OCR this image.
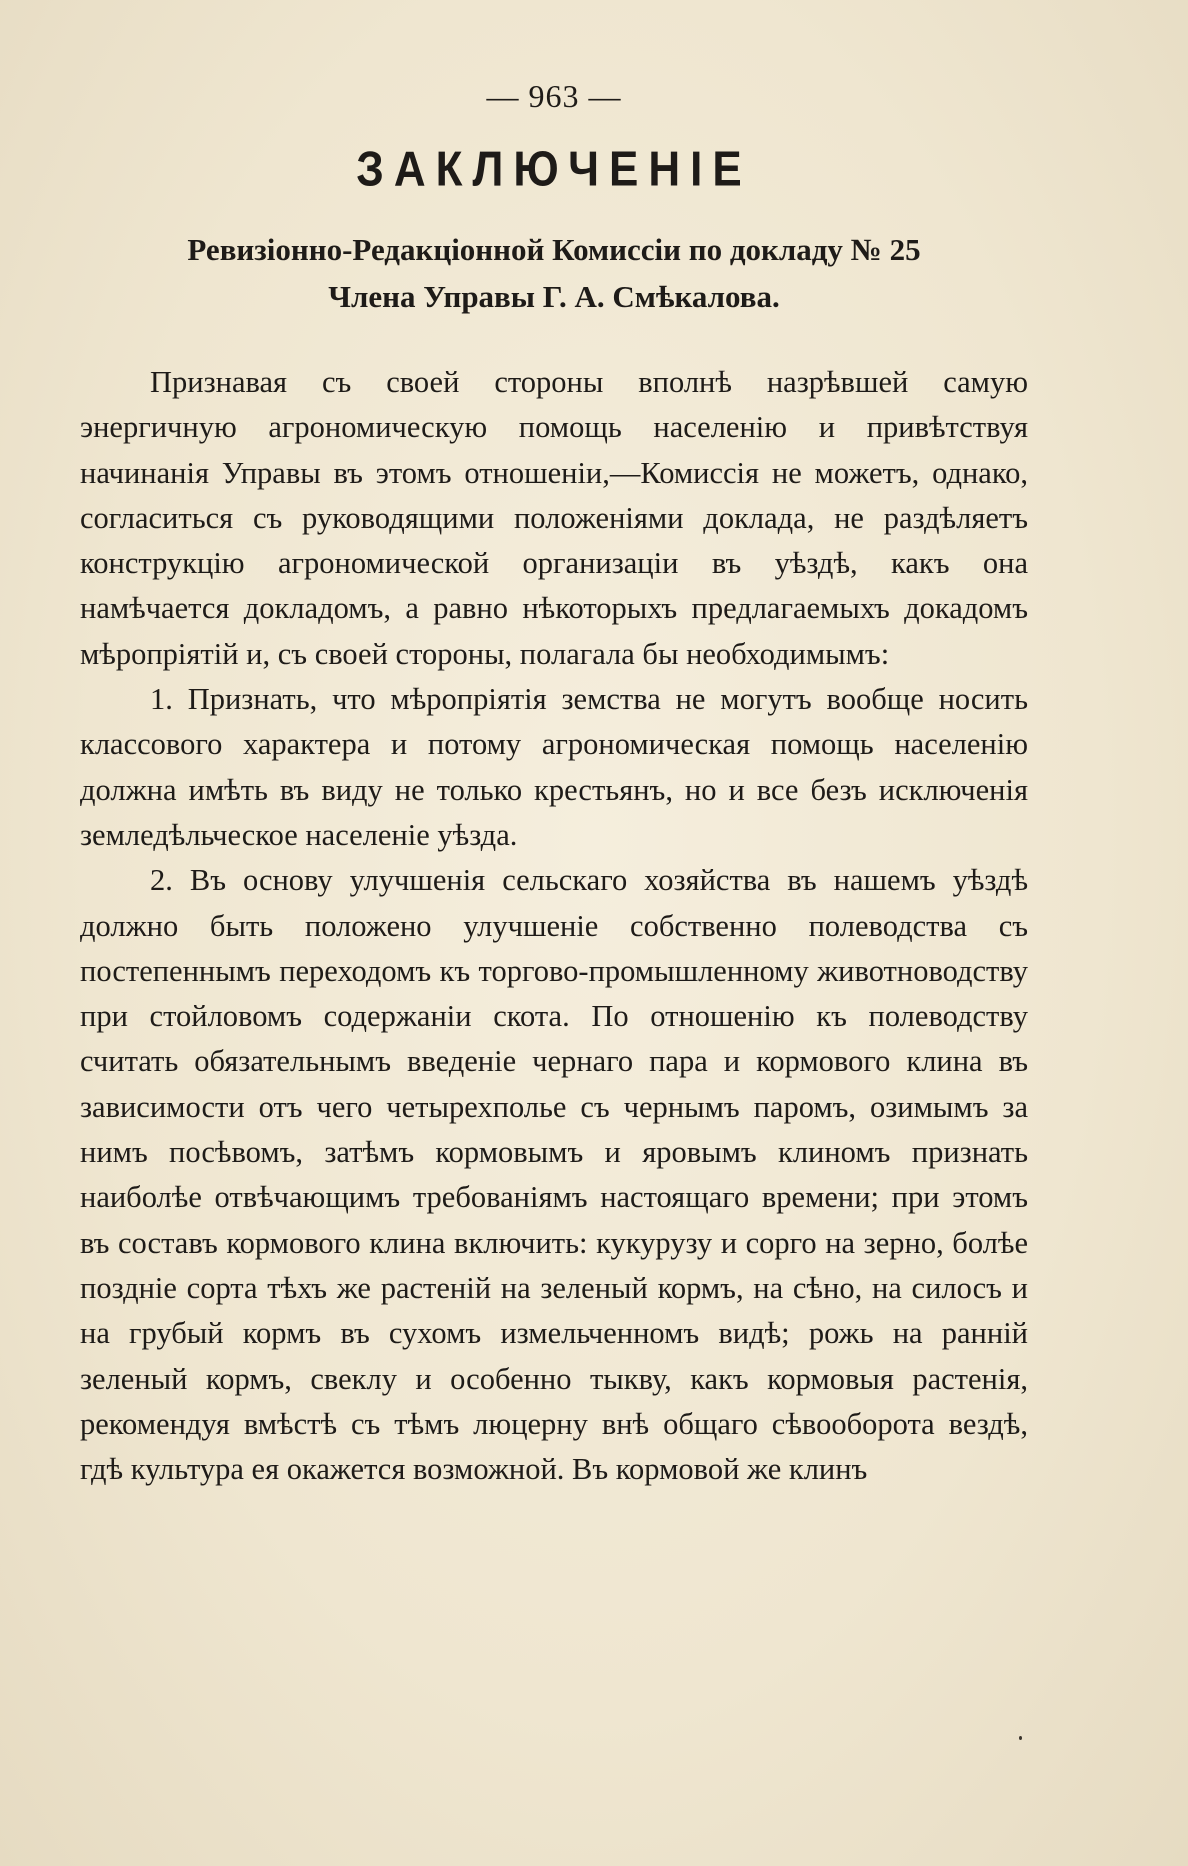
— 963 —
ЗАКЛЮЧЕНІЕ
Ревизіонно-Редакціонной Комиссіи по докладу № 25
Члена Управы Г. А. Смѣкалова.

Признавая съ своей стороны вполнѣ назрѣвшей самую энергичную агрономическую помощь населенію и привѣтствуя начинанія Управы въ этомъ отношеніи,—Комиссія не можетъ, однако, согласиться съ руководящими положеніями доклада, не раздѣляетъ конструкцію агрономической организаціи въ уѣздѣ, какъ она намѣчается докладомъ, а равно нѣкоторыхъ предлагаемыхъ докадомъ мѣропріятій и, съ своей стороны, полагала бы необходимымъ:

1. Признать, что мѣропріятія земства не могутъ вообще носить классового характера и потому агрономическая помощь населенію должна имѣть въ виду не только крестьянъ, но и все безъ исключенія земледѣльческое населеніе уѣзда.

2. Въ основу улучшенія сельскаго хозяйства въ нашемъ уѣздѣ должно быть положено улучшеніе собственно полеводства съ постепеннымъ переходомъ къ торгово-промышленному животноводству при стойловомъ содержаніи скота. По отношенію къ полеводству считать обязательнымъ введеніе чернаго пара и кормового клина въ зависимости отъ чего четырехполье съ чернымъ паромъ, озимымъ за нимъ посѣвомъ, затѣмъ кормовымъ и яровымъ клиномъ признать наиболѣе отвѣчающимъ требованіямъ настоящаго времени; при этомъ въ составъ кормового клина включить: кукурузу и сорго на зерно, болѣе поздніе сорта тѣхъ же растеній на зеленый кормъ, на сѣно, на силосъ и на грубый кормъ въ сухомъ измельченномъ видѣ; рожь на ранній зеленый кормъ, свеклу и особенно тыкву, какъ кормовыя растенія, рекомендуя вмѣстѣ съ тѣмъ люцерну внѣ общаго сѣвооборота вездѣ, гдѣ культура ея окажется возможной. Въ кормовой же клинъ
